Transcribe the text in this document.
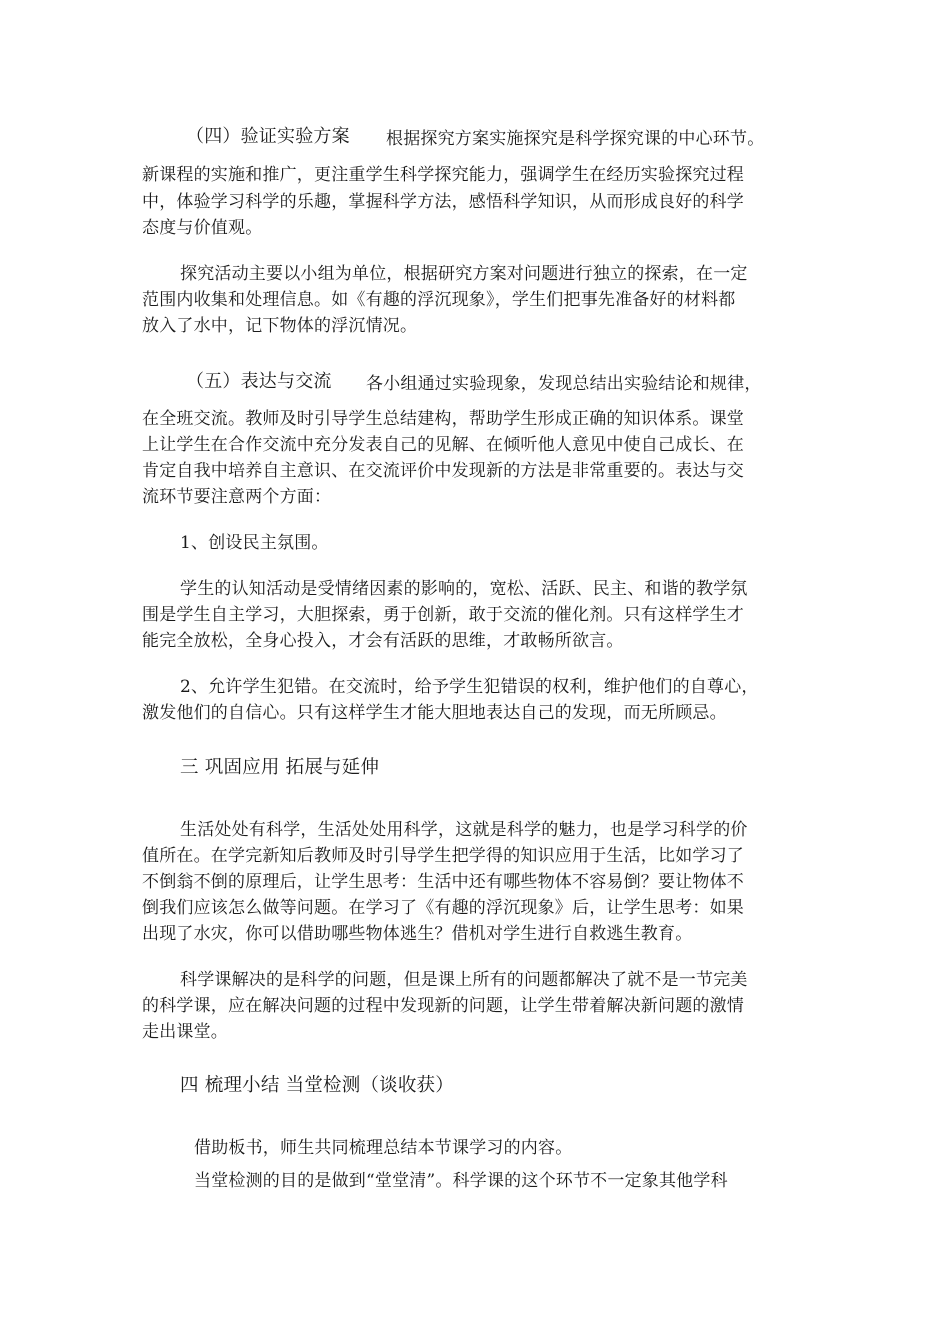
（四）验证实验方案 根据探究方案实施探究是科学探究课的中心环节。
新课程的实施和推广，更注重学生科学探究能力，强调学生在经历实验探究过程
中，体验学习科学的乐趣，掌握科学方法，感悟科学知识，从而形成良好的科学
态度与价值观。
探究活动主要以小组为单位，根据研究方案对问题进行独立的探索，在一定
范围内收集和处理信息。如《有趣的浮沉现象》，学生们把事先准备好的材料都
放入了水中，记下物体的浮沉情况。
（五）表达与交流 各小组通过实验现象，发现总结出实验结论和规律，
在全班交流。教师及时引导学生总结建构，帮助学生形成正确的知识体系。课堂
上让学生在合作交流中充分发表自己的见解、在倾听他人意见中使自己成长、在
肯定自我中培养自主意识、在交流评价中发现新的方法是非常重要的。表达与交
流环节要注意两个方面：
1、创设民主氛围。
学生的认知活动是受情绪因素的影响的，宽松、活跃、民主、和谐的教学氛
围是学生自主学习，大胆探索，勇于创新，敢于交流的催化剂。只有这样学生才
能完全放松，全身心投入，才会有活跃的思维，才敢畅所欲言。
2、允许学生犯错。在交流时，给予学生犯错误的权利，维护他们的自尊心，
激发他们的自信心。只有这样学生才能大胆地表达自己的发现，而无所顾忌。
三 巩固应用 拓展与延伸
生活处处有科学，生活处处用科学，这就是科学的魅力，也是学习科学的价
值所在。在学完新知后教师及时引导学生把学得的知识应用于生活，比如学习了
不倒翁不倒的原理后，让学生思考：生活中还有哪些物体不容易倒？要让物体不
倒我们应该怎么做等问题。在学习了《有趣的浮沉现象》后，让学生思考：如果
出现了水灾，你可以借助哪些物体逃生？借机对学生进行自救逃生教育。
科学课解决的是科学的问题，但是课上所有的问题都解决了就不是一节完美
的科学课，应在解决问题的过程中发现新的问题，让学生带着解决新问题的激情
走出课堂。
四 梳理小结 当堂检测（谈收获）
借助板书，师生共同梳理总结本节课学习的内容。
当堂检测的目的是做到“堂堂清”。科学课的这个环节不一定象其他学科
